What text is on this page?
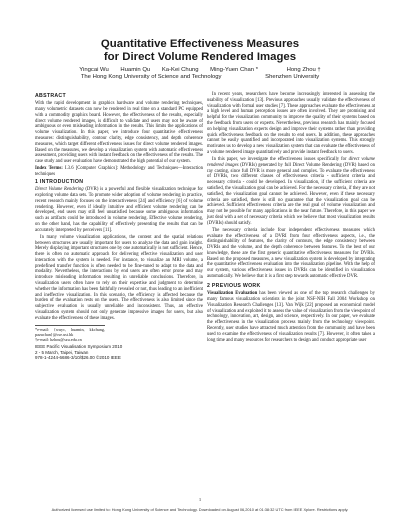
Quantitative Effectiveness Measures
for Direct Volume Rendered Images
Yingcai Wu Huamin Qu Ka-Kei Chung Ming-Yuen Chan *	Hong Zhou †
The Hong Kong University of Science and Technology	Shenzhen University
ABSTRACT

With the rapid development in graphics hardware and volume rendering techniques, many volumetric datasets can now be rendered in real time on a standard PC equipped with a commodity graphics board. However, the effectiveness of the results, especially direct volume rendered images, is difficult to validate and users may not be aware of ambiguous or even misleading information in the results. This limits the applications of volume visualization. In this paper, we introduce four quantitative effectiveness measures: distinguishability, contour clarity, edge consistency, and depth coherence measures, which target different effectiveness issues for direct volume rendered images. Based on the measures, we develop a visualization system with automatic effectiveness assessment, providing users with instant feedback on the effectiveness of the results. The case study and user evaluation have demonstrated the high potential of our system.

Index Terms: I.3.6 [Computer Graphics]: Methodology and Techniques—Interaction techniques

1 INTRODUCTION

Direct Volume Rendering (DVR) is a powerful and flexible visualization technique for exploring volume data sets. To promote wider adoption of volume rendering in practice, recent research mainly focuses on the interactiveness [24] and efficiency [6] of volume rendering. However, even if ideally intuitive and efficient volume rendering can be developed, end users may still feel unsatisfied because some ambiguous information such as artifacts could be introduced in volume rendering. Effective volume rendering, on the other hand, has the capability of effectively presenting the results that can be accurately interpreted by perceivers [11].

In many volume visualization applications, the content and the spatial relations between structures are usually important for users to analyze the data and gain insight. Merely displaying important structures one by one automatically is not sufficient. Hence, there is often no automatic approach for delivering effective visualization and user interaction with the system is needed. For instance, to visualize an MRI volume, a predefined transfer function is often needed to be fine-tuned to adapt to the data and modality. Nevertheless, the interactions by end users are often error prone and may introduce misleading information resulting in unreliable conclusions. Therefore, in visualization users often have to rely on their expertise and judgment to determine whether the information has been faithfully revealed or not, thus leading to an inefficient and ineffective visualization. In this scenario, the efficiency is affected because the burden of the evaluation rests on the users. The effectiveness is also limited since the subjective evaluation is usually unreliable and inconsistent. Thus, an effective visualization system should not only generate impressive images for users, but also evaluate the effectiveness of these images.

*e-mail: {wuyc, huamin, kkchung, pazuchan}@cse.ust.hk

†e-mail: hzhou@szu.edu.cn

IEEE Pacific Visualisation Symposium 2010

2 - 5 March, Taipei, Taiwan

978-1-4244-6686-3/10/$26.00 ©2010 IEEE

In recent years, researchers have become increasingly interested in assessing the usability of visualization [13]. Previous approaches usually validate the effectiveness of visualization with formal user studies [7]. These approaches evaluate the effectiveness at a high level and human perception issues are often involved. They are promising and helpful for the visualization community to improve the quality of their systems based on the feedback from users or experts. Nevertheless, previous research has mainly focused on helping visualization experts design and improve their systems rather than providing quick effectiveness feedback on the results to end users. In addition, these approaches cannot be easily quantified and incorporated into visualization systems. This strongly motivates us to develop a new visualization system that can evaluate the effectiveness of a volume rendered image quantitatively and provide instant feedback to users.

In this paper, we investigate the effectiveness issues specifically for direct volume rendered images (DVRIs) generated by full Direct Volume Rendering (DVR) based on ray casting, since full DVR is more general and complex. To evaluate the effectiveness of DVRIs, two different classes of effectiveness criteria - sufficient criteria and necessary criteria - could be developed. In visualization, if the sufficient criteria are satisfied, the visualization goal can be achieved. For the necessary criteria, if they are not satisfied, the visualization goal cannot be achieved. However, even if these necessary criteria are satisfied, there is still no guarantee that the visualization goal can be achieved. Sufficient effectiveness criteria are the real goal of volume visualization and may not be possible for many applications in the near future. Therefore, in this paper we just deal with a set of necessary criteria which we believe that most visualization results (DVRIs) should satisfy.

The necessary criteria include four independent effectiveness measures which evaluate the effectiveness of a DVRI from four effectiveness aspects, i.e., the distinguishability of features, the clarity of contours, the edge consistency between DVRIs and the volume, and the depth coherence between features. To the best of our knowledge, these are the first generic quantitative effectiveness measures for DVRIs. Based on the proposed measures, a new visualization system is developed by integrating the quantitative effectiveness evaluation into the visualization pipeline. With the help of our system, various effectiveness issues in DVRIs can be identified in visualization automatically. We believe that it is a first step towards automatic effective DVR.

2 PREVIOUS WORK

Visualization Evaluation has been viewed as one of the top research challenges by many famous visualization scientists in the joint NSF-NIH Fall 2004 Workshop on Visualization Research Challenges [13]. Van Wijk [22] proposed an economical model of visualization and exploited it to assess the value of visualization from the viewpoint of technology, innovation, art, design, and science, respectively. In our paper, we evaluate the effectiveness in the visualization process mainly from the technology viewpoint. Recently, user studies have attracted much attention from the community and have been used to examine the effectiveness of visualization results [7]. However, it often takes a long time and many resources for researchers to design and conduct appropriate user

1
Authorized licensed use limited to: Hong Kong University of Science and Technology. Downloaded on August 06,2010 at 01:38:32 UTC from IEEE Xplore. Restrictions apply.
